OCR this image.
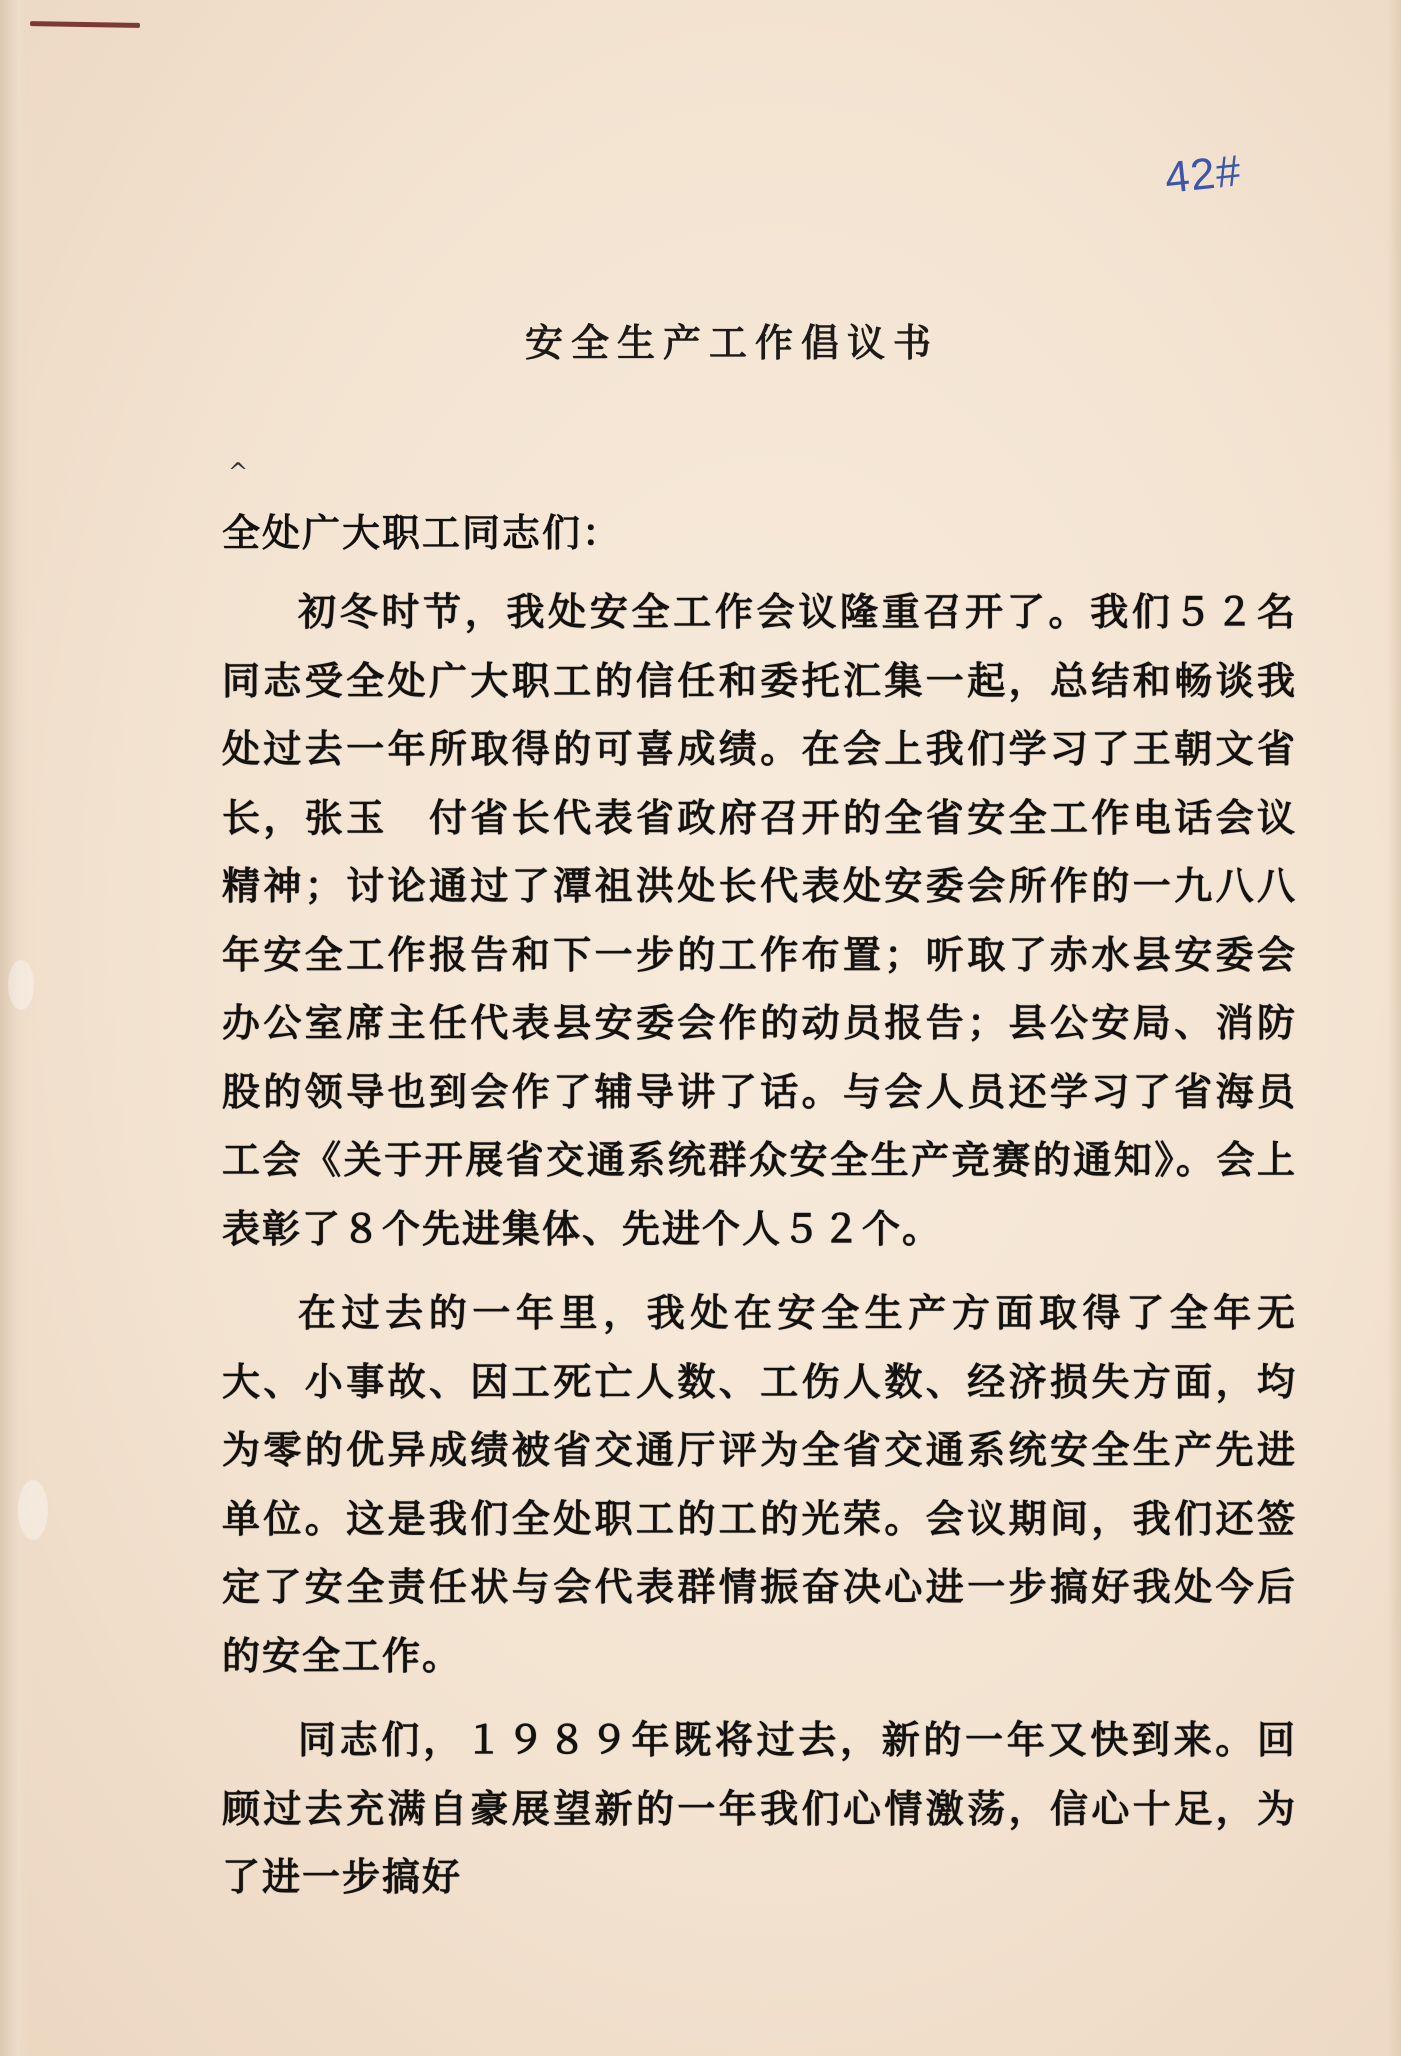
42#
安全生产工作倡议书
^
全处广大职工同志们：

初冬时节，我处安全工作会议隆重召开了。我们５２名同志受全处广大职工的信任和委托汇集一起，总结和畅谈我处过去一年所取得的可喜成绩。在会上我们学习了王朝文省长，张玉　付省长代表省政府召开的全省安全工作电话会议精神；讨论通过了潭祖洪处长代表处安委会所作的一九八八年安全工作报告和下一步的工作布置；听取了赤水县安委会办公室席主任代表县安委会作的动员报告；县公安局、消防股的领导也到会作了辅导讲了话。与会人员还学习了省海员工会《关于开展省交通系统群众安全生产竞赛的通知》。会上表彰了８个先进集体、先进个人５２个。

在过去的一年里，我处在安全生产方面取得了全年无大、小事故、因工死亡人数、工伤人数、经济损失方面，均为零的优异成绩被省交通厅评为全省交通系统安全生产先进单位。这是我们全处职工的工的光荣。会议期间，我们还签定了安全责任状与会代表群情振奋决心进一步搞好我处今后的安全工作。

同志们，１９８９年既将过去，新的一年又快到来。回顾过去充满自豪展望新的一年我们心情激荡，信心十足，为了进一步搞好
